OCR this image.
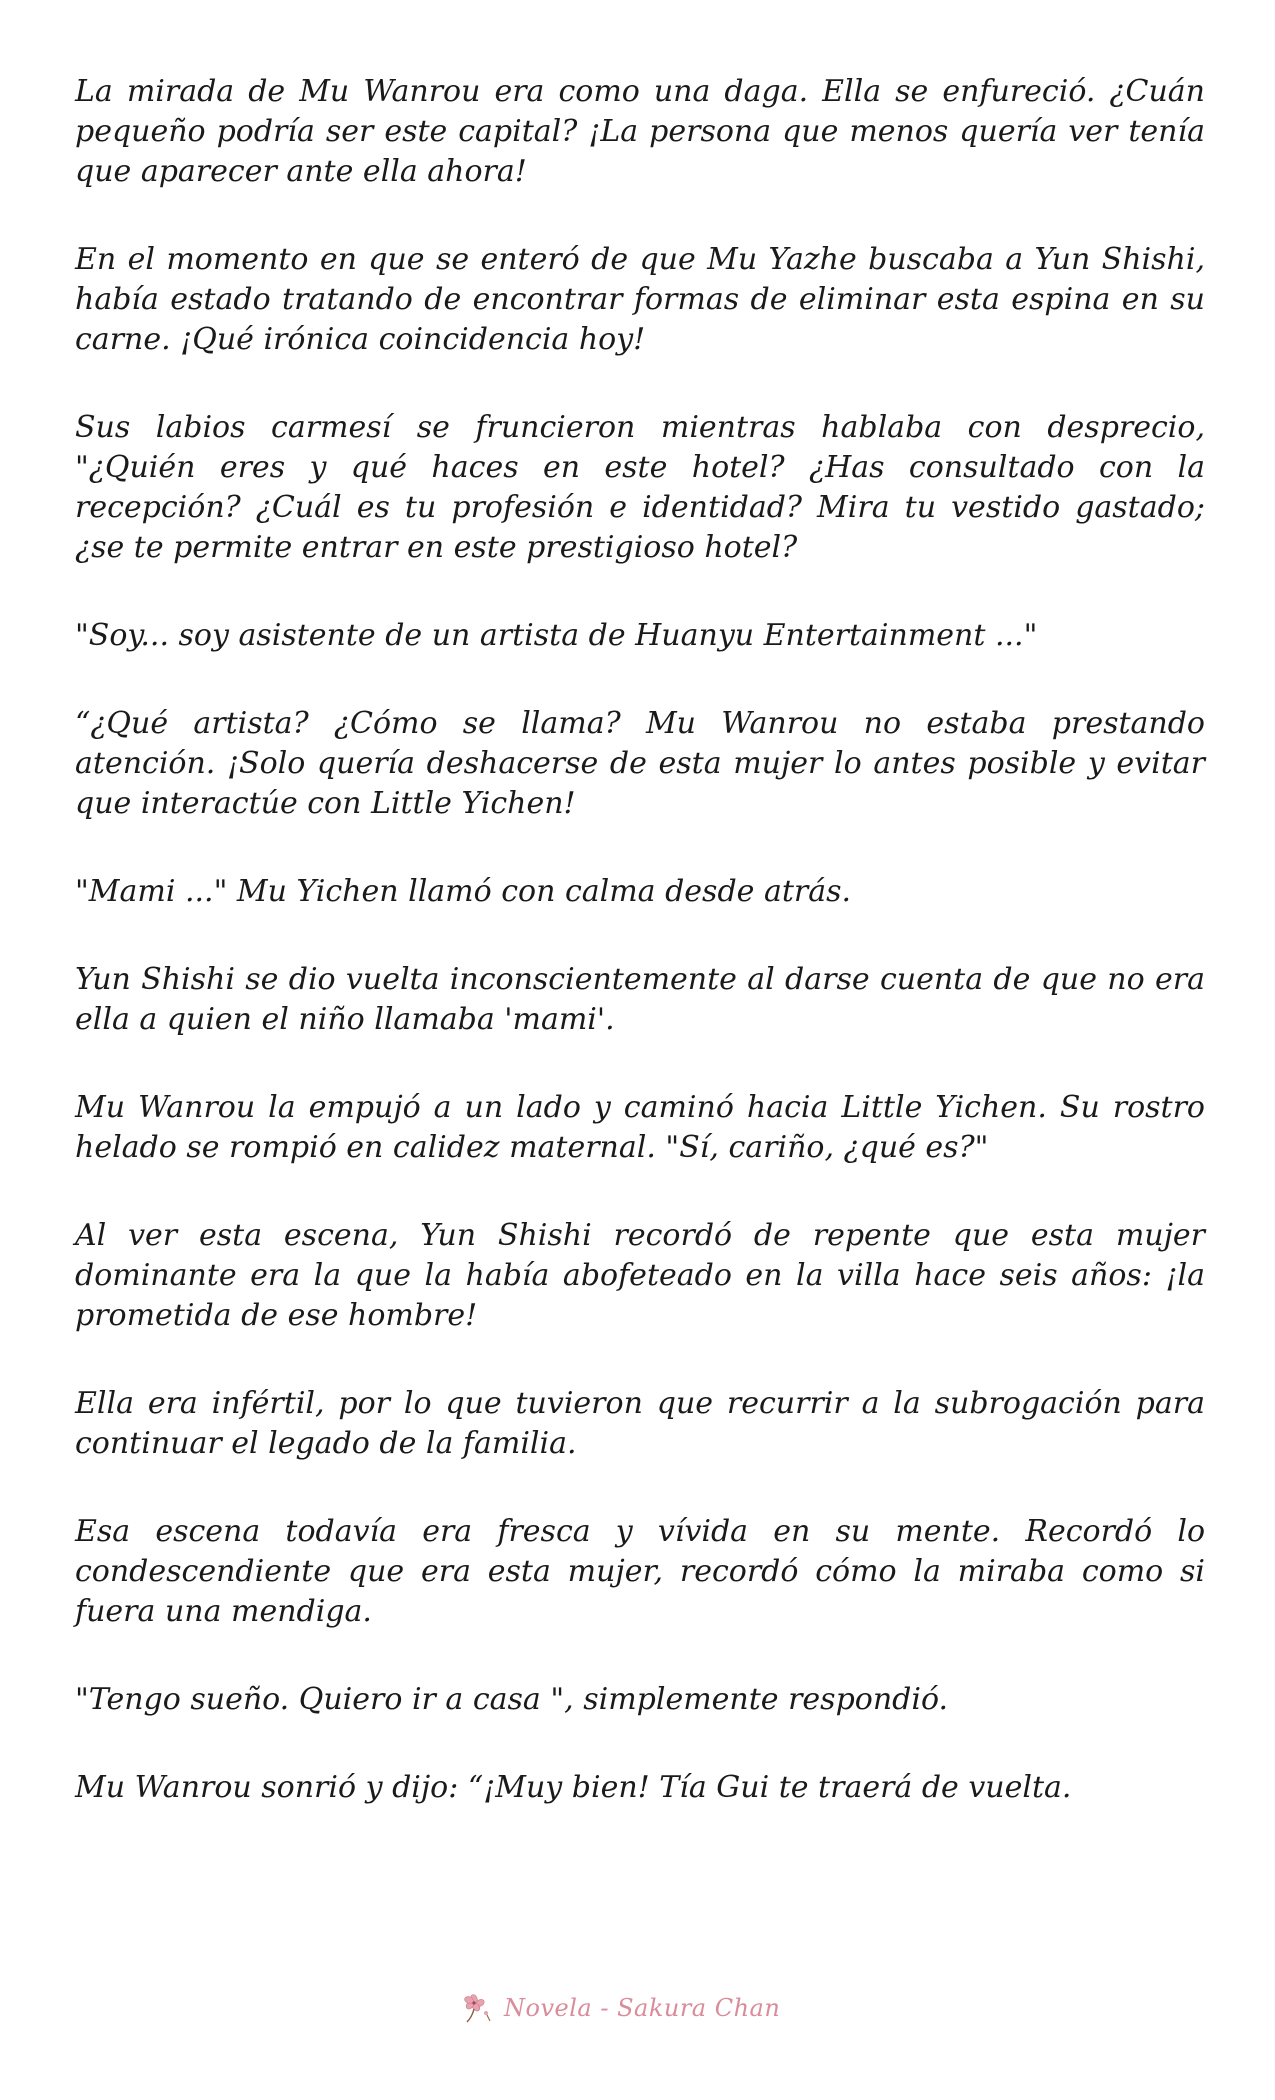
La mirada de Mu Wanrou era como una daga. Ella se enfureció. ¿Cuán pequeño podría ser este capital? ¡La persona que menos quería ver tenía que aparecer ante ella ahora!

En el momento en que se enteró de que Mu Yazhe buscaba a Yun Shishi, había estado tratando de encontrar formas de eliminar esta espina en su carne. ¡Qué irónica coincidencia hoy!

Sus labios carmesí se fruncieron mientras hablaba con desprecio, "¿Quién eres y qué haces en este hotel? ¿Has consultado con la recepción? ¿Cuál es tu profesión e identidad? Mira tu vestido gastado; ¿se te permite entrar en este prestigioso hotel?

"Soy... soy asistente de un artista de Huanyu Entertainment ..."

“¿Qué artista? ¿Cómo se llama? Mu Wanrou no estaba prestando atención. ¡Solo quería deshacerse de esta mujer lo antes posible y evitar que interactúe con Little Yichen!

"Mami ..." Mu Yichen llamó con calma desde atrás.

Yun Shishi se dio vuelta inconscientemente al darse cuenta de que no era ella a quien el niño llamaba 'mami'.

Mu Wanrou la empujó a un lado y caminó hacia Little Yichen. Su rostro helado se rompió en calidez maternal. "Sí, cariño, ¿qué es?"

Al ver esta escena, Yun Shishi recordó de repente que esta mujer dominante era la que la había abofeteado en la villa hace seis años: ¡la prometida de ese hombre!

Ella era infértil, por lo que tuvieron que recurrir a la subrogación para continuar el legado de la familia.

Esa escena todavía era fresca y vívida en su mente. Recordó lo condescendiente que era esta mujer, recordó cómo la miraba como si fuera una mendiga.

"Tengo sueño. Quiero ir a casa ", simplemente respondió.

Mu Wanrou sonrió y dijo: “¡Muy bien! Tía Gui te traerá de vuelta.

Novela - Sakura Chan
